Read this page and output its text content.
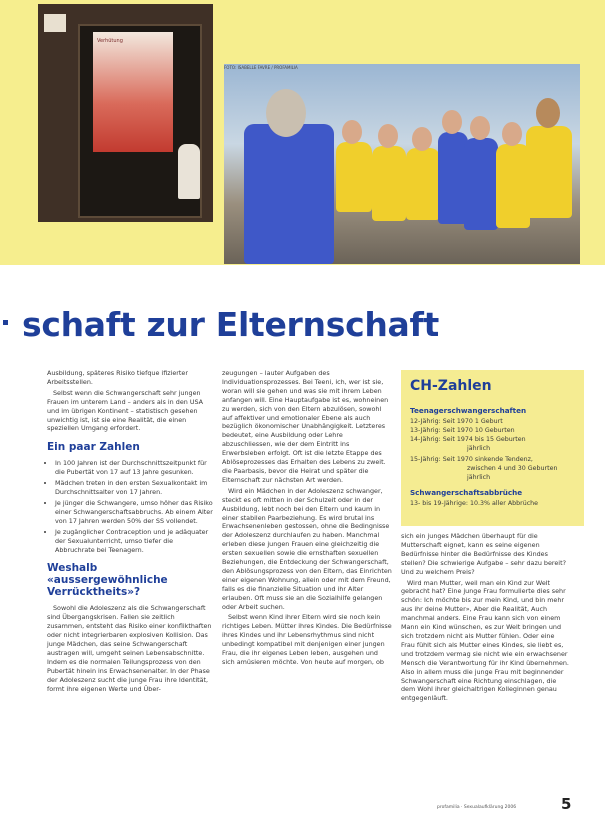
Verhütung
FOTO: ISABELLE FAVRE / PROFAMILIA
schaft zur Elternschaft

Ausbildung, späteres Risiko tiefque ifizierter Arbeitsstellen.

Selbst wenn die Schwangerschaft sehr jungen Frauen im unterem Land – anders als in den USA und im übrigen Kontinent – statistisch gesehen unwichtig ist, ist sie eine Realität, die einen speziellen Umgang erfordert.

Ein paar Zahlen
• In 100 Jahren ist der Durchschnittszeitpunkt für die Pubertät von 17 auf 13 Jahre gesunken.
• Mädchen treten in den ersten Sexualkontakt im Durchschnittsalter von 17 Jahren.
• Je jünger die Schwangere, umso höher das Risiko einer Schwangerschaftsabbruchs. Ab einem Alter von 17 Jahren werden 50% der SS vollendet.
• Je zugänglicher Contraception und je adäquater der Sexualunterricht, umso tiefer die Abbruchrate bei Teenagern.
Weshalb «aussergewöhnliche Verrücktheits»?

Sowohl die Adoleszenz als die Schwangerschaft sind Übergangskrisen. Fallen sie zeitlich zusammen, entsteht das Risiko einer konflikthaften oder nicht integrierbaren explosiven Kollision. Das junge Mädchen, das seine Schwangerschaft austragen will, umgeht seinen Lebensabschnitte. Indem es die normalen Teilungsprozess von den Pubertät hinein ins Erwachsenenalter. In der Phase der Adoleszenz sucht die junge Frau ihre Identität, formt ihre eigenen Werte und Über-

zeugungen – lauter Aufgaben des Individuationsprozesses. Bei Teeni, ich, wer ist sie, woran will sie gehen und was sie mit ihrem Leben anfangen will. Eine Hauptaufgabe ist es, wohneinen zu werden, sich von den Eltern abzulösen, sowohl auf affektiver und emotionaler Ebene als auch bezüglich ökonomischer Unabhängigkeit. Letzteres bedeutet, eine Ausbildung oder Lehre abzuschliessen, wie der dem Eintritt ins Erwerbsleben erfolgt. Oft ist die letzte Etappe des Ablöseprozesses das Erhalten des Lebens zu zweit. die Paarbasis, bevor die Heirat und später die Elternschaft zur nächsten Art werden.

Wird ein Mädchen in der Adoleszenz schwanger, steckt es oft mitten in der Schulzeit oder in der Ausbildung, lebt noch bei den Eltern und kaum in einer stabilen Paarbeziehung. Es wird brutal ins Erwachsenenleben gestossen, ohne die Bedingnisse der Adoleszenz durchlaufen zu haben. Manchmal erleben diese jungen Frauen eine gleichzeitig die ersten sexuellen sowie die ernsthaften sexuellen Beziehungen, die Entdeckung der Schwangerschaft, den Ablösungsprozess von den Eltern, das Einrichten einer eigenen Wohnung, allein oder mit dem Freund, falls es die finanzielle Situation und ihr Alter erlauben. Oft muss sie an die Sozialhilfe gelangen oder Arbeit suchen.

Selbst wenn Kind ihrer Eltern wird sie noch kein richtiges Leben. Mütter ihres Kindes. Die Bedürfnisse ihres Kindes und ihr Lebensrhythmus sind nicht unbedingt kompatibel mit denjenigen einer jungen Frau, die ihr eigenes Leben leben, ausgehen und sich amüsieren möchte. Von heute auf morgen, ob

CH-Zahlen
Teenagerschwangerschaften
12-Jährig: Seit 1970 1 Geburt
13-Jährig: Seit 1970 10 Geburten
14-Jährig: Seit 1974 bis 15 Geburten
jährlich
15-Jährig: Seit 1970 sinkende Tendenz,
zwischen 4 und 30 Geburten
jährlich
Schwangerschaftsabbrüche
13- bis 19-Jährige: 10.3% aller Abbrüche

sich ein junges Mädchen überhaupt für die Mutterschaft eignet, kann es seine eigenen Bedürfnisse hinter die Bedürfnisse des Kindes stellen? Die schwierige Aufgabe – sehr dazu bereit? Und zu welchem Preis?

Wird man Mutter, weil man ein Kind zur Welt gebracht hat? Eine junge Frau formulierte dies sehr schön: Ich möchte bis zur mein Kind, und bin mehr aus ihr deine Mutter», Aber die Realität, Auch manchmal anders. Eine Frau kann sich von einem Mann ein Kind wünschen, es zur Welt bringen und sich trotzdem nicht als Mutter fühlen. Oder eine Frau fühlt sich als Mutter eines Kindes, sie liebt es, und trotzdem vermag sie nicht wie ein erwachsener Mensch die Verantwortung für ihr Kind übernehmen. Also in allem muss die junge Frau mit beginnender Schwangerschaft eine Richtung einschlagen, die dem Wohl ihrer gleichaltrigen Kolleginnen genau entgegenläuft.

profamilia · Sexualaufklärung 2006	5
